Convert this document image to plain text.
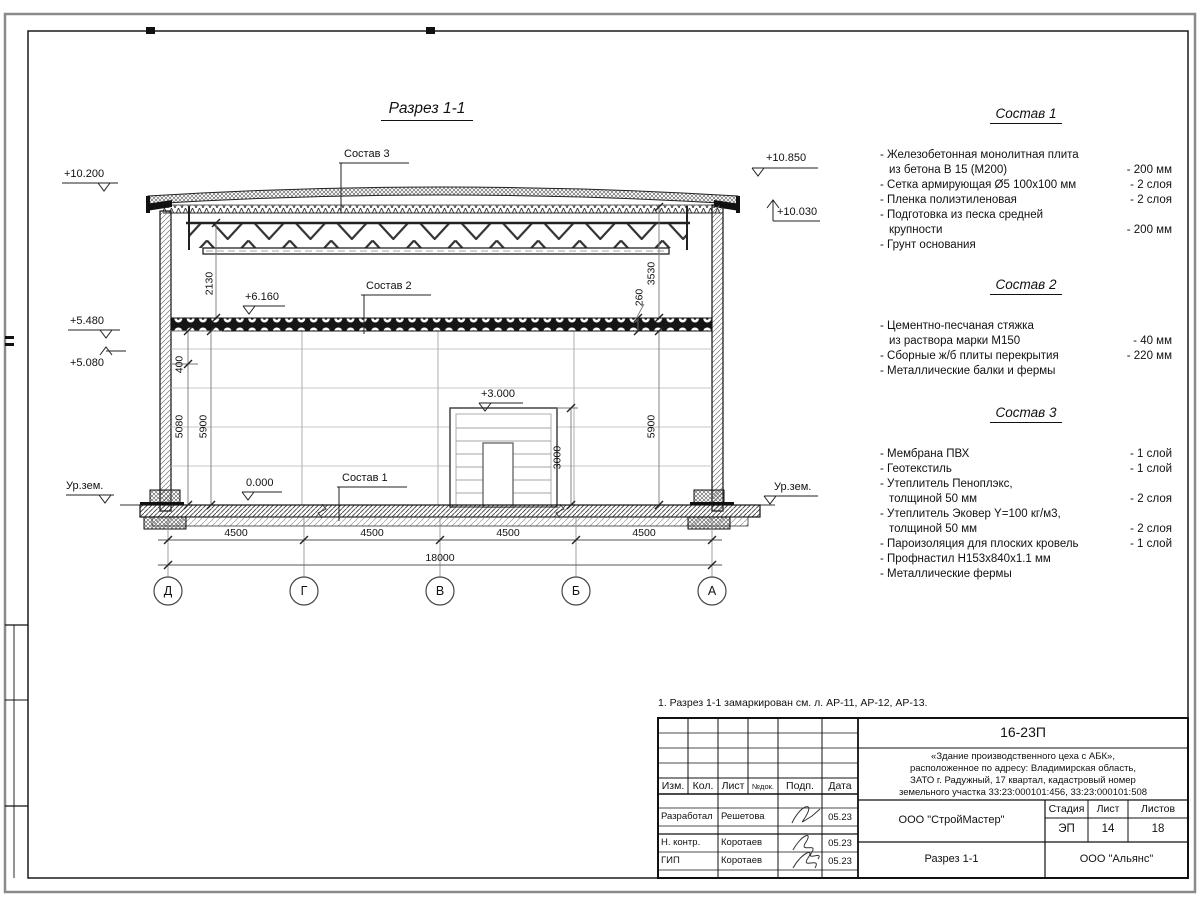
Разрез 1-1
+10.200
+5.480
+5.080
Ур.зем.
+10.850
+10.030
Ур.зем.
+6.160
+3.000
0.000
Состав 3
Состав 2
Состав 1
2130
400
5080 5900
3530
260
5900
3000
4500	4500	4500	4500
18000
Д	Г	В	Б	А
Состав 1
- Железобетонная монолитная плита
из бетона В 15 (М200)	- 200 мм
- Сетка армирующая Ø5 100x100 мм	- 2 слоя
- Пленка полиэтиленовая	- 2 слоя
- Подготовка из песка средней
крупности	- 200 мм
- Грунт основания
Состав 2
- Цементно-песчаная стяжка
из раствора марки М150	- 40 мм
- Сборные ж/б плиты перекрытия	- 220 мм
- Металлические балки и фермы
Состав 3
- Мембрана ПВХ	- 1 слой
- Геотекстиль	- 1 слой
- Утеплитель Пеноплэкс,
толщиной 50 мм	- 2 слоя
- Утеплитель Эковер Y=100 кг/м3,
толщиной 50 мм	- 2 слоя
- Пароизоляция для плоских кровель	- 1 слой
- Профнастил Н153х840х1.1 мм
- Металлические фермы
1. Разрез 1-1 замаркирован см. л. АР-11, АР-12, АР-13.
Изм. Кол. Лист	№док.	Подп.	Дата
Разработал Решетова	05.23
Н. контр. Коротаев	05.23
ГИП	Коротаев	05.23
16-23П
«Здание производственного цеха с АБК»,
расположенное по адресу: Владимирская область,
ЗАТО г. Радужный, 17 квартал, кадастровый номер
земельного участка 33:23:000101:456, 33:23:000101:508
ООО "СтройМастер"
Разрез 1-1	ООО "Альянс"
Стадия	Лист	Листов
ЭП	14	18
